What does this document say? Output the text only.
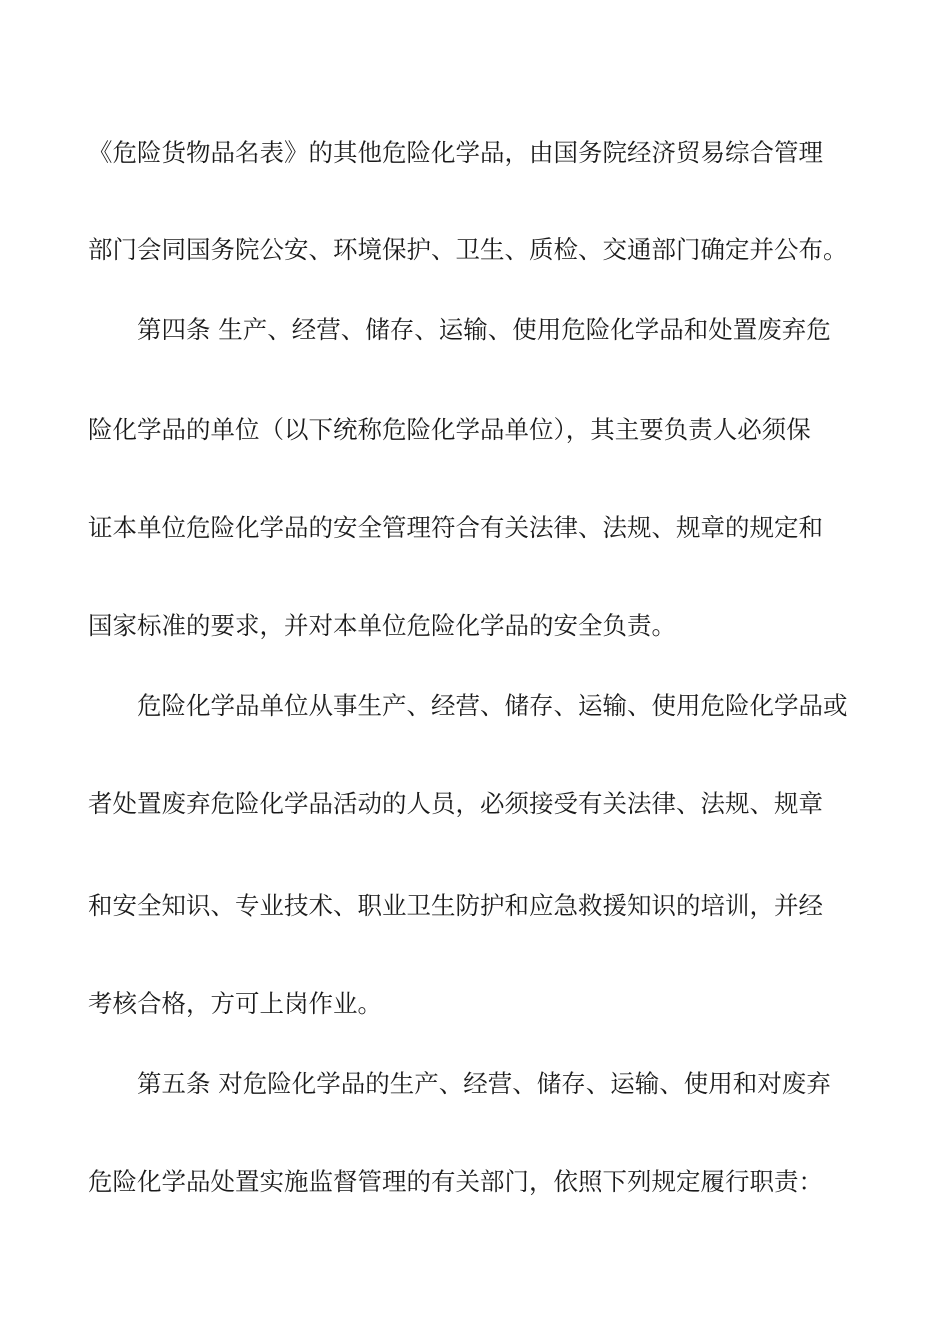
《危险货物品名表》的其他危险化学品，由国务院经济贸易综合管理
部门会同国务院公安、环境保护、卫生、质检、交通部门确定并公布。
第四条 生产、经营、储存、运输、使用危险化学品和处置废弃危
险化学品的单位（以下统称危险化学品单位），其主要负责人必须保
证本单位危险化学品的安全管理符合有关法律、法规、规章的规定和
国家标准的要求，并对本单位危险化学品的安全负责。
危险化学品单位从事生产、经营、储存、运输、使用危险化学品或
者处置废弃危险化学品活动的人员，必须接受有关法律、法规、规章
和安全知识、专业技术、职业卫生防护和应急救援知识的培训，并经
考核合格，方可上岗作业。
第五条 对危险化学品的生产、经营、储存、运输、使用和对废弃
危险化学品处置实施监督管理的有关部门，依照下列规定履行职责：
